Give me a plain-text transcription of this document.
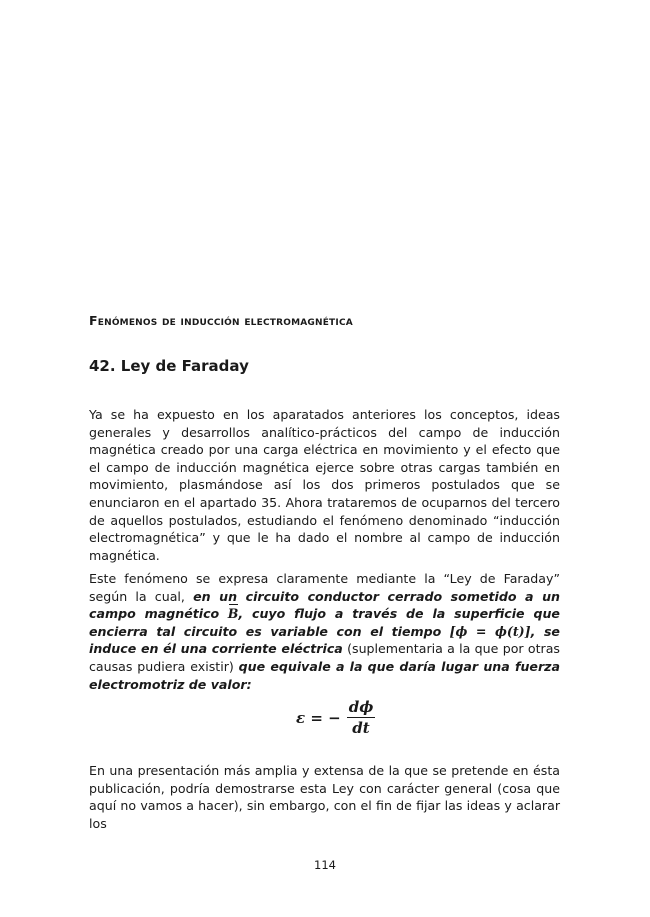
Fenómenos de inducción electromagnética
42. Ley de Faraday

Ya se ha expuesto en los aparatados anteriores los conceptos, ideas generales y desarrollos analítico-prácticos del campo de inducción magnética creado por una carga eléctrica en movimiento y el efecto que el campo de inducción magnética ejerce sobre otras cargas también en movimiento, plasmándose así los dos primeros postulados que se enunciaron en el apartado 35. Ahora trataremos de ocuparnos del tercero de aquellos postulados, estudiando el fenómeno denominado “inducción electromagnética” y que le ha dado el nombre al campo de inducción magnética.

Este fenómeno se expresa claramente mediante la “Ley de Faraday” según la cual, en un circuito conductor cerrado sometido a un campo magnético B, cuyo flujo a través de la superficie que encierra tal circuito es variable con el tiempo [ϕ = ϕ(t)], se induce en él una corriente eléctrica (suplementaria a la que por otras causas pudiera existir) que equivale a la que daría lugar una fuerza electromotriz de valor:

ε = − $\frac{d\phi}{dt}$

En una presentación más amplia y extensa de la que se pretende en ésta publicación, podría demostrarse esta Ley con carácter general (cosa que aquí no vamos a hacer), sin embargo, con el fin de fijar las ideas y aclarar los

114
